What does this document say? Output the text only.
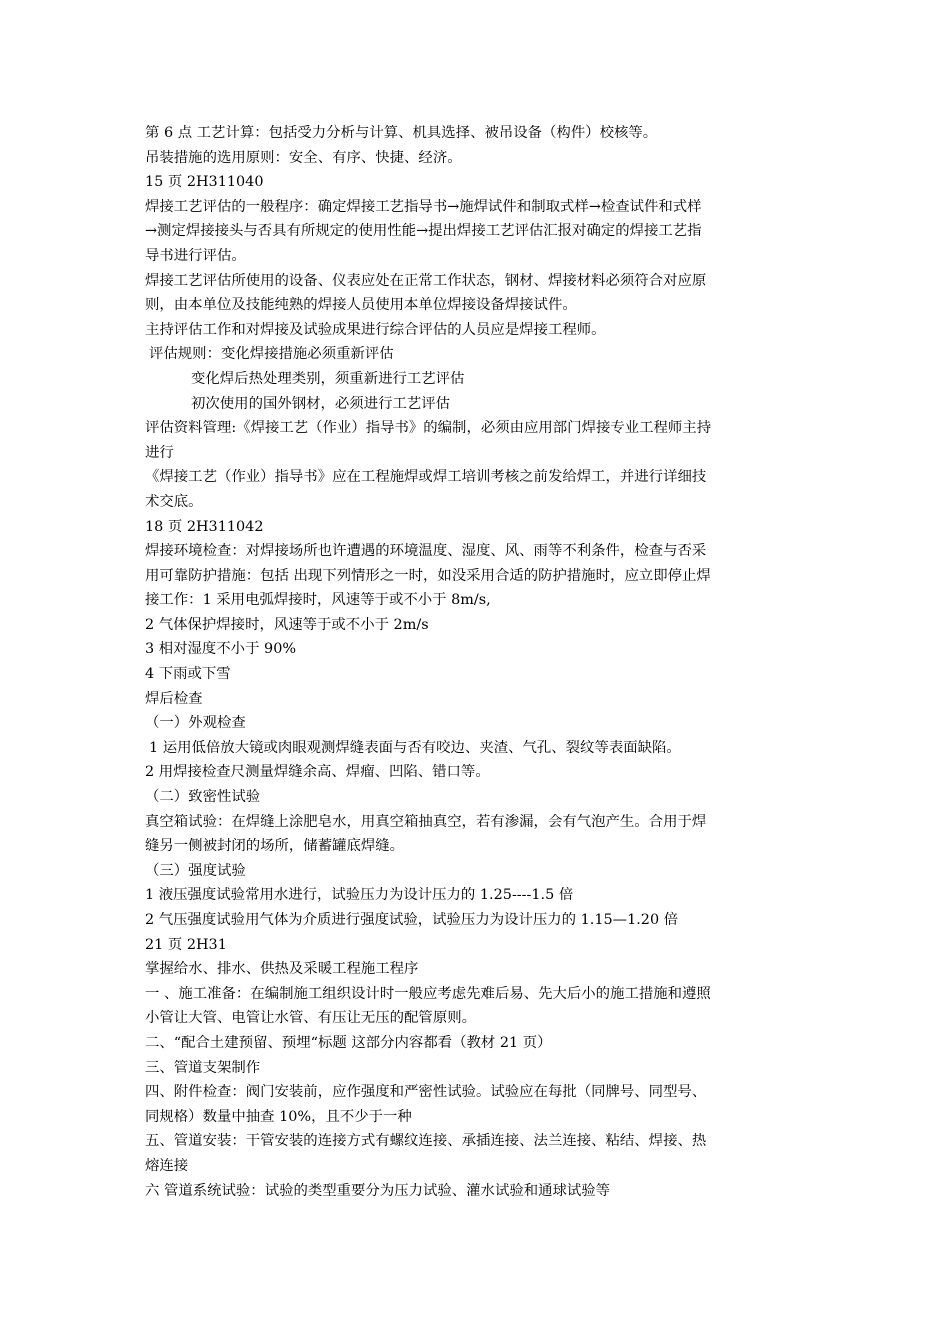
第 6 点 工艺计算：包括受力分析与计算、机具选择、被吊设备（构件）校核等。
吊装措施的选用原则：安全、有序、快捷、经济。
15 页 2H311040
焊接工艺评估的一般程序：确定焊接工艺指导书→施焊试件和制取式样→检查试件和式样
→测定焊接接头与否具有所规定的使用性能→提出焊接工艺评估汇报对确定的焊接工艺指
导书进行评估。
焊接工艺评估所使用的设备、仪表应处在正常工作状态，钢材、焊接材料必须符合对应原
则，由本单位及技能纯熟的焊接人员使用本单位焊接设备焊接试件。
主持评估工作和对焊接及试验成果进行综合评估的人员应是焊接工程师。
评估规则：变化焊接措施必须重新评估
变化焊后热处理类别，须重新进行工艺评估
初次使用的国外钢材，必须进行工艺评估
评估资料管理:《焊接工艺（作业）指导书》的编制，必须由应用部门焊接专业工程师主持
进行
《焊接工艺（作业）指导书》应在工程施焊或焊工培训考核之前发给焊工，并进行详细技
术交底。
18 页 2H311042
焊接环境检查：对焊接场所也许遭遇的环境温度、湿度、风、雨等不利条件，检查与否采
用可靠防护措施：包括 出现下列情形之一时，如没采用合适的防护措施时，应立即停止焊
接工作：1 采用电弧焊接时，风速等于或不小于 8m/s,
2 气体保护焊接时，风速等于或不小于 2m/s
3 相对湿度不小于 90%
4 下雨或下雪
焊后检查
（一）外观检查
1 运用低倍放大镜或肉眼观测焊缝表面与否有咬边、夹渣、气孔、裂纹等表面缺陷。
2 用焊接检查尺测量焊缝余高、焊瘤、凹陷、错口等。
（二）致密性试验
真空箱试验：在焊缝上涂肥皂水，用真空箱抽真空，若有渗漏，会有气泡产生。合用于焊
缝另一侧被封闭的场所，储蓄罐底焊缝。
（三）强度试验
1 液压强度试验常用水进行，试验压力为设计压力的 1.25----1.5 倍
2 气压强度试验用气体为介质进行强度试验，试验压力为设计压力的 1.15—1.20 倍
21 页 2H31
掌握给水、排水、供热及采暖工程施工程序
一 、施工准备：在编制施工组织设计时一般应考虑先难后易、先大后小的施工措施和遵照
小管让大管、电管让水管、有压让无压的配管原则。
二、“配合土建预留、预埋“标题 这部分内容都看（教材 21 页）
三、管道支架制作
四、附件检查：阀门安装前，应作强度和严密性试验。试验应在每批（同牌号、同型号、
同规格）数量中抽查 10%，且不少于一种
五、管道安装：干管安装的连接方式有螺纹连接、承插连接、法兰连接、粘结、焊接、热
熔连接
六 管道系统试验：试验的类型重要分为压力试验、灌水试验和通球试验等
